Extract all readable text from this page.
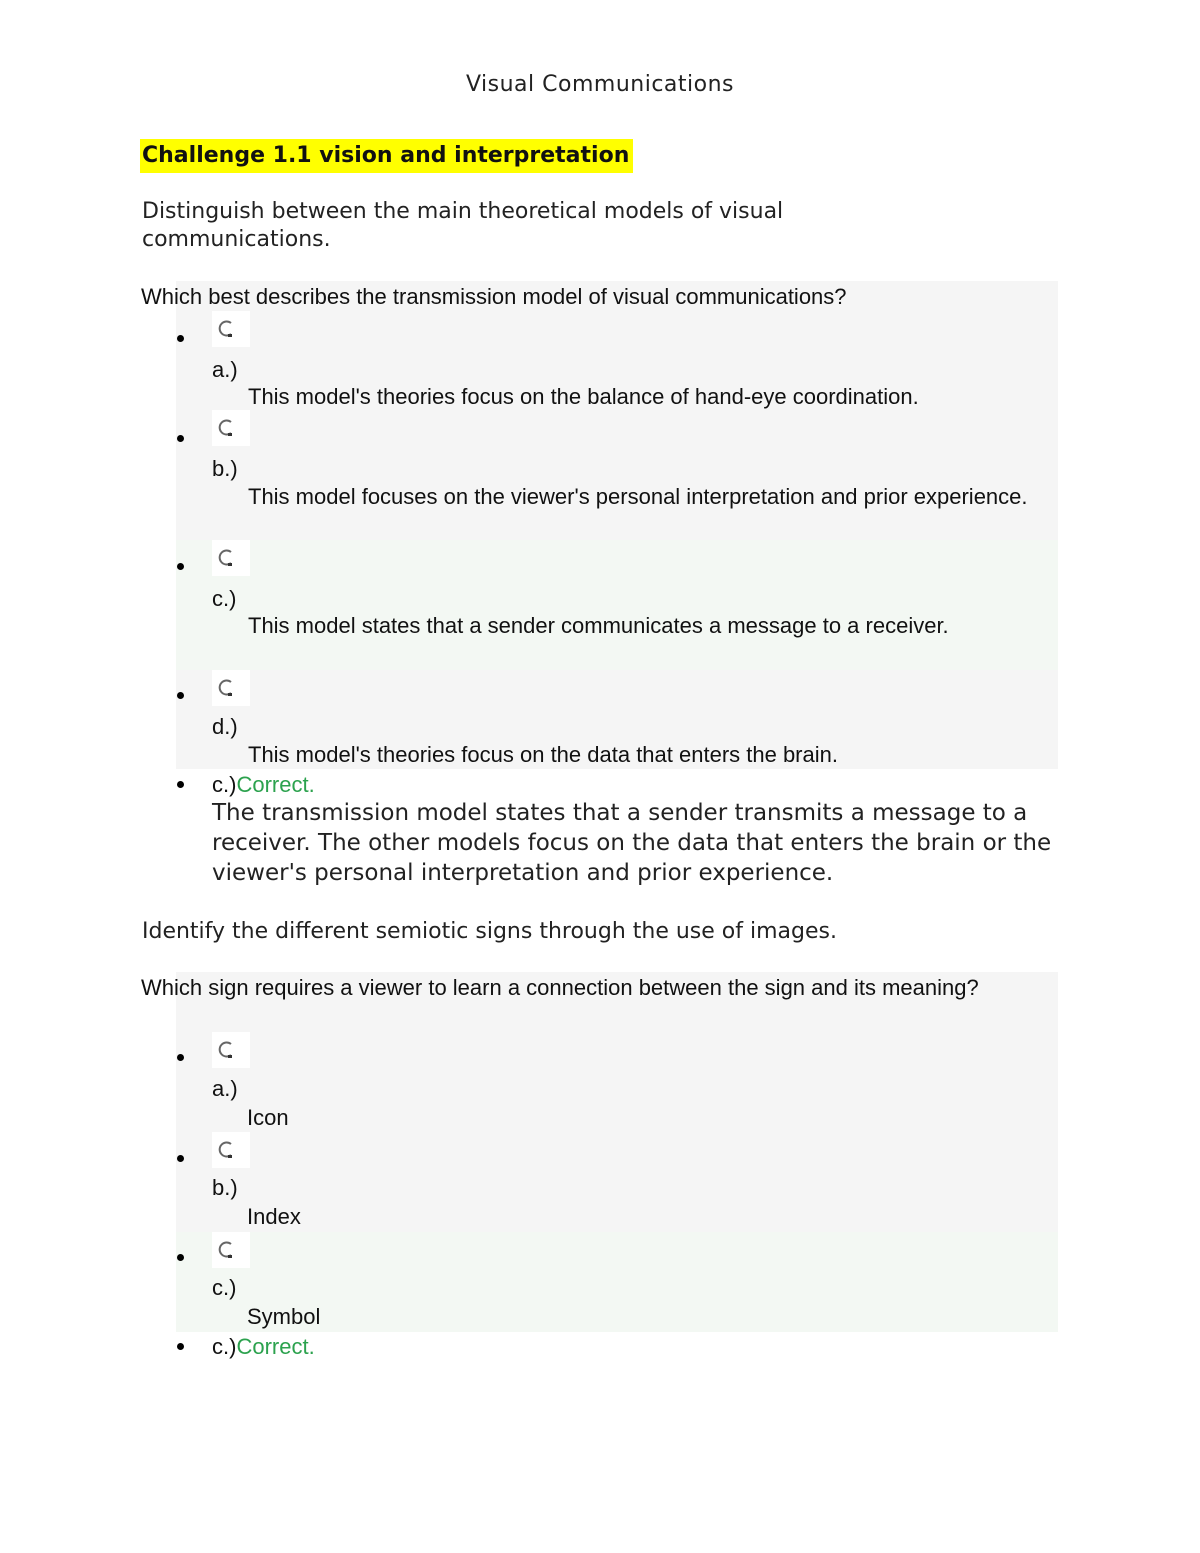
Visual Communications
Challenge 1.1 vision and interpretation
Distinguish between the main theoretical models of visual communications.
Which best describes the transmission model of visual communications?
a.)
This model's theories focus on the balance of hand-eye coordination.
b.)
This model focuses on the viewer's personal interpretation and prior experience.
c.)
This model states that a sender communicates a message to a receiver.
d.)
This model's theories focus on the data that enters the brain.
c.)Correct.
The transmission model states that a sender transmits a message to a receiver. The other models focus on the data that enters the brain or the viewer's personal interpretation and prior experience.
Identify the different semiotic signs through the use of images.
Which sign requires a viewer to learn a connection between the sign and its meaning?
a.)
Icon
b.)
Index
c.)
Symbol
c.)Correct.
